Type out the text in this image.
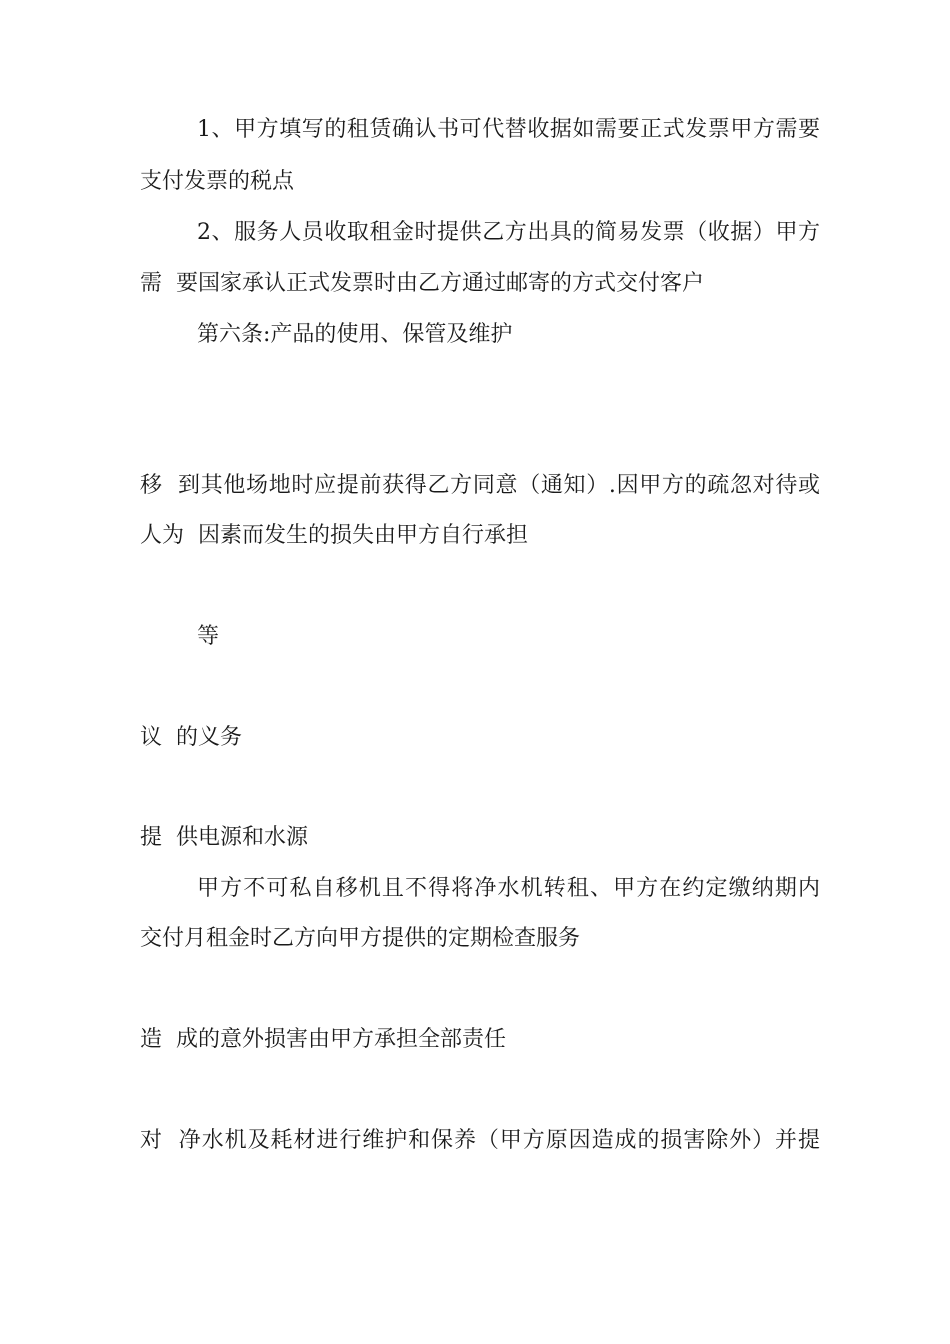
1、甲方填写的租赁确认书可代替收据如需要正式发票甲方需要
支付发票的税点
2、服务人员收取租金时提供乙方出具的简易发票（收据）甲方
需  要国家承认正式发票时由乙方通过邮寄的方式交付客户
第六条:产品的使用、保管及维护

移  到其他场地时应提前获得乙方同意（通知）.因甲方的疏忽对待或
人为  因素而发生的损失由甲方自行承担

等

议  的义务

提  供电源和水源
甲方不可私自移机且不得将净水机转租、甲方在约定缴纳期内
交付月租金时乙方向甲方提供的定期检查服务

造  成的意外损害由甲方承担全部责任

对  净水机及耗材进行维护和保养（甲方原因造成的损害除外）并提
